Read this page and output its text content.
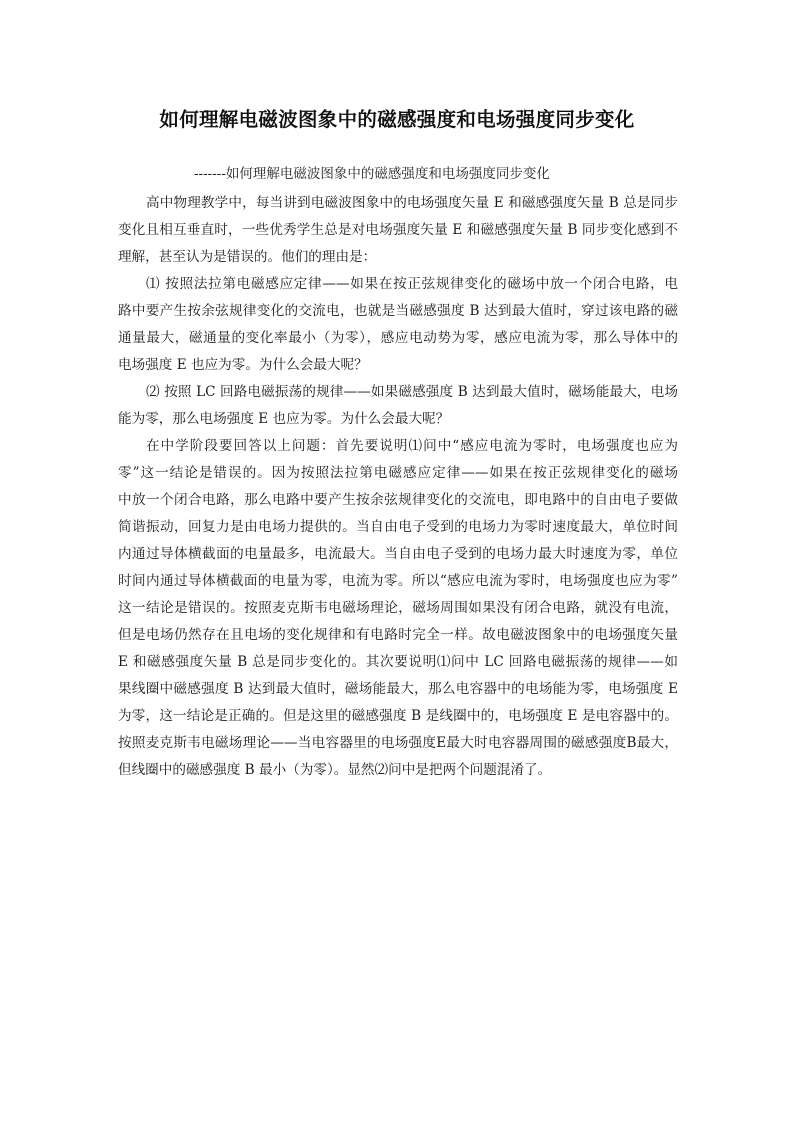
如何理解电磁波图象中的磁感强度和电场强度同步变化
-------如何理解电磁波图象中的磁感强度和电场强度同步变化
高中物理教学中，每当讲到电磁波图象中的电场强度矢量 E 和磁感强度矢量 B 总是同步
变化且相互垂直时，一些优秀学生总是对电场强度矢量 E 和磁感强度矢量 B 同步变化感到不
理解，甚至认为是错误的。他们的理由是：
⑴ 按照法拉第电磁感应定律——如果在按正弦规律变化的磁场中放一个闭合电路，电
路中要产生按余弦规律变化的交流电，也就是当磁感强度 B 达到最大值时，穿过该电路的磁
通量最大，磁通量的变化率最小（为零），感应电动势为零，感应电流为零，那么导体中的
电场强度 E 也应为零。为什么会最大呢？
⑵ 按照 LC 回路电磁振荡的规律——如果磁感强度 B 达到最大值时，磁场能最大，电场
能为零，那么电场强度 E 也应为零。为什么会最大呢？
在中学阶段要回答以上问题：首先要说明⑴问中“感应电流为零时，电场强度也应为
零”这一结论是错误的。因为按照法拉第电磁感应定律——如果在按正弦规律变化的磁场
中放一个闭合电路，那么电路中要产生按余弦规律变化的交流电，即电路中的自由电子要做
简谐振动，回复力是由电场力提供的。当自由电子受到的电场力为零时速度最大，单位时间
内通过导体横截面的电量最多，电流最大。当自由电子受到的电场力最大时速度为零，单位
时间内通过导体横截面的电量为零，电流为零。所以“感应电流为零时，电场强度也应为零”
这一结论是错误的。按照麦克斯韦电磁场理论，磁场周围如果没有闭合电路，就没有电流，
但是电场仍然存在且电场的变化规律和有电路时完全一样。故电磁波图象中的电场强度矢量
E 和磁感强度矢量 B 总是同步变化的。其次要说明⑴问中 LC 回路电磁振荡的规律——如
果线圈中磁感强度 B 达到最大值时，磁场能最大，那么电容器中的电场能为零，电场强度 E
为零，这一结论是正确的。但是这里的磁感强度 B 是线圈中的，电场强度 E 是电容器中的。
按照麦克斯韦电磁场理论——当电容器里的电场强度E最大时电容器周围的磁感强度B最大，
但线圈中的磁感强度 B 最小（为零）。显然⑵问中是把两个问题混淆了。
